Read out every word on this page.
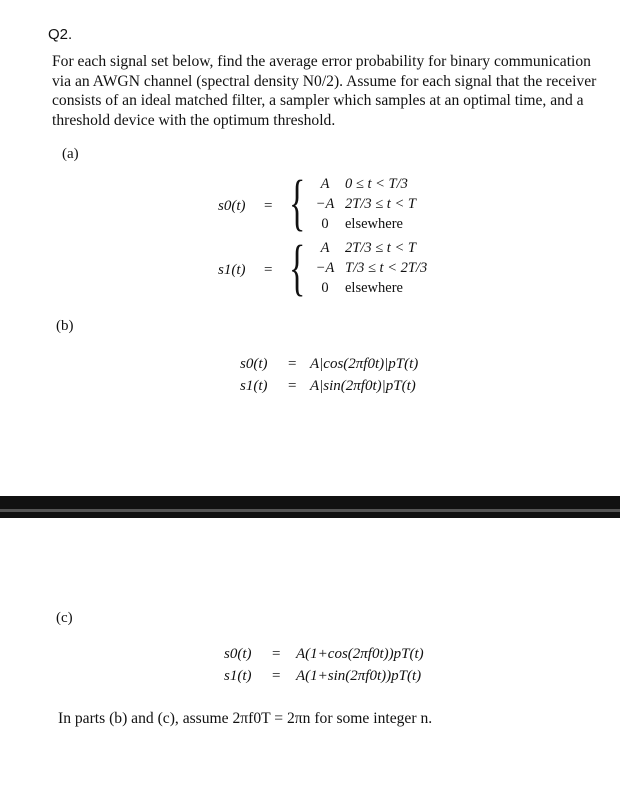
Q2.
For each signal set below, find the average error probability for binary communication via an AWGN channel (spectral density N0/2). Assume for each signal that the receiver consists of an ideal matched filter, a sampler which samples at an optimal time, and a threshold device with the optimum threshold.
(a)
s0(t) = {	A 0 ≤ t < T/3
−A 2T/3 ≤ t < T
0 elsewhere
s1(t) = {	A 2T/3 ≤ t < T
−A T/3 ≤ t < 2T/3
0 elsewhere
(b)
s0(t) = A|cos(2πf0t)|pT(t)
s1(t) = A|sin(2πf0t)|pT(t)
(c)
s0(t) = A(1+cos(2πf0t))pT(t)
s1(t) = A(1+sin(2πf0t))pT(t)
In parts (b) and (c), assume 2πf0T = 2πn for some integer n.
